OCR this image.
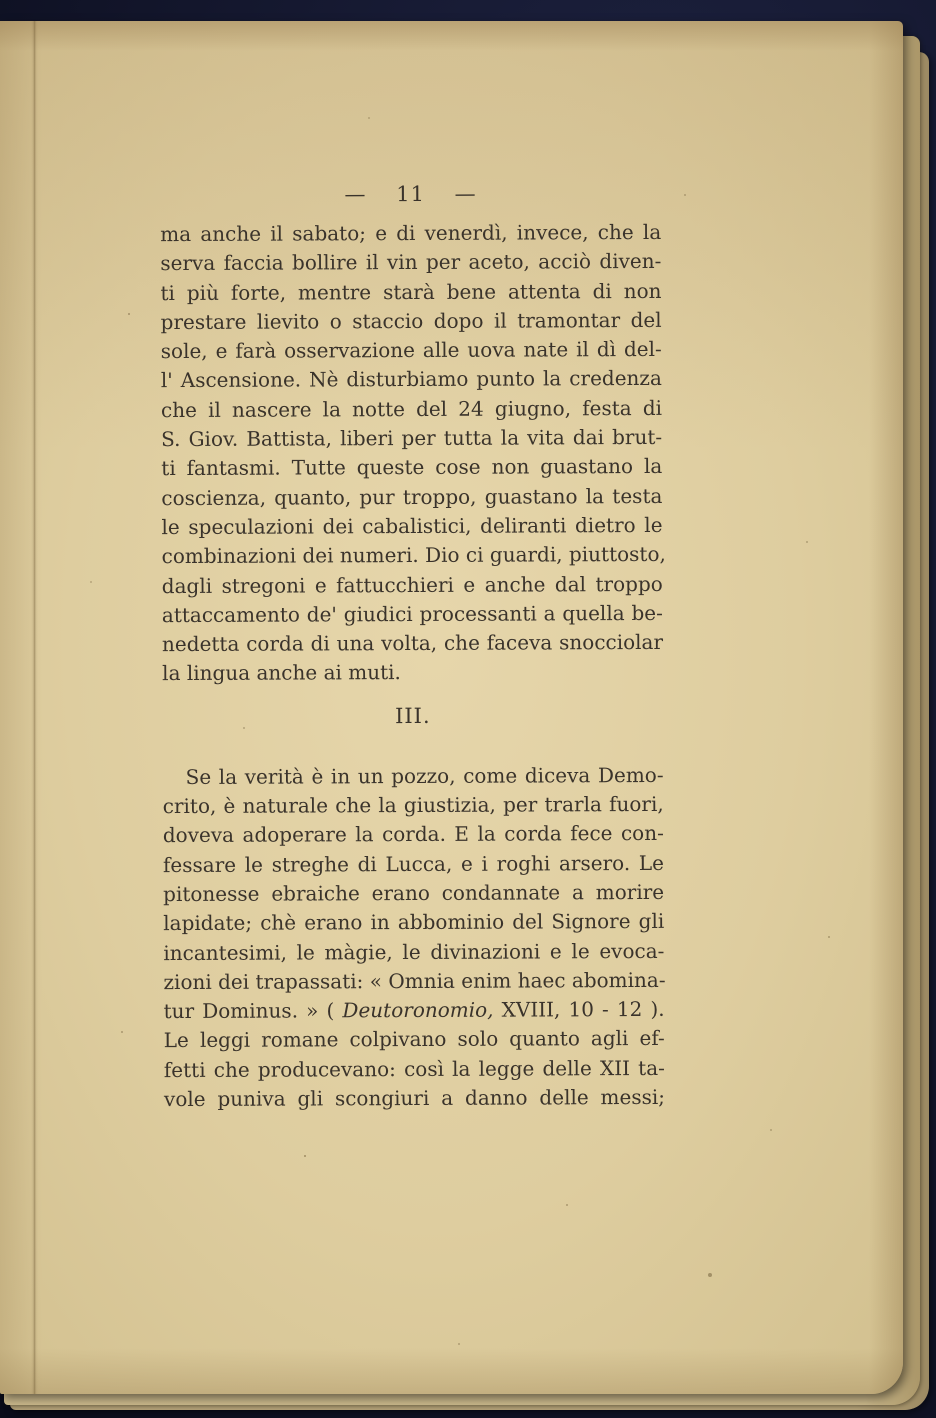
— 11 —
ma anche il sabato; e di venerdì, invece, che la
serva faccia bollire il vin per aceto, acciò diven-
ti più forte, mentre starà bene attenta di non
prestare lievito o staccio dopo il tramontar del
sole, e farà osservazione alle uova nate il dì del-
l' Ascensione. Nè disturbiamo punto la credenza
che il nascere la notte del 24 giugno, festa di
S. Giov. Battista, liberi per tutta la vita dai brut-
ti fantasmi. Tutte queste cose non guastano la
coscienza, quanto, pur troppo, guastano la testa
le speculazioni dei cabalistici, deliranti dietro le
combinazioni dei numeri. Dio ci guardi, piuttosto,
dagli stregoni e fattucchieri e anche dal troppo
attaccamento de' giudici processanti a quella be-
nedetta corda di una volta, che faceva snocciolar
la lingua anche ai muti.
III.
Se la verità è in un pozzo, come diceva Demo-
crito, è naturale che la giustizia, per trarla fuori,
doveva adoperare la corda. E la corda fece con-
fessare le streghe di Lucca, e i roghi arsero. Le
pitonesse ebraiche erano condannate a morire
lapidate; chè erano in abbominio del Signore gli
incantesimi, le màgie, le divinazioni e le evoca-
zioni dei trapassati: « Omnia enim haec abomina-
tur Dominus. » ( Deutoronomio, XVIII, 10 - 12 ).
Le leggi romane colpivano solo quanto agli ef-
fetti che producevano: così la legge delle XII ta-
vole puniva gli scongiuri a danno delle messi;
